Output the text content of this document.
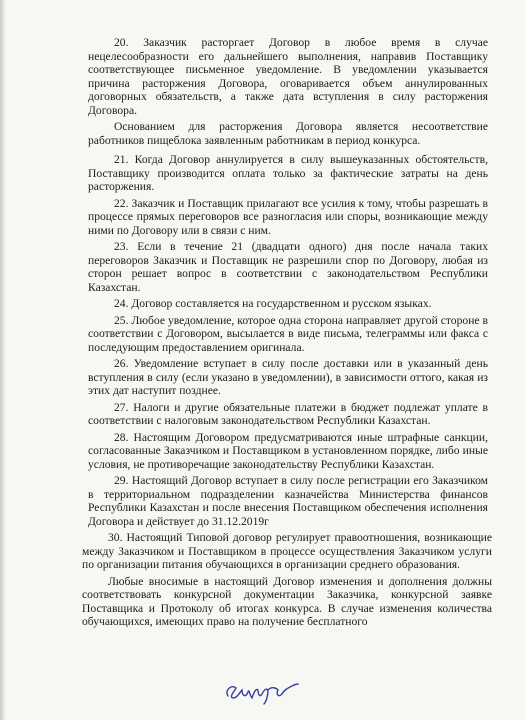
20. Заказчик расторгает Договор в любое время в случае нецелесообразности его дальнейшего выполнения, направив Поставщику соответствующее письменное уведомление. В уведомлении указывается причина расторжения Договора, оговаривается объем аннулированных договорных обязательств, а также дата вступления в силу расторжения Договора.

Основанием для расторжения Договора является несоответствие работников пищеблока заявленным работникам в период конкурса.

21. Когда Договор аннулируется в силу вышеуказанных обстоятельств, Поставщику производится оплата только за фактические затраты на день расторжения.

22. Заказчик и Поставщик прилагают все усилия к тому, чтобы разрешать в процессе прямых переговоров все разногласия или споры, возникающие между ними по Договору или в связи с ним.

23. Если в течение 21 (двадцати одного) дня после начала таких переговоров Заказчик и Поставщик не разрешили спор по Договору, любая из сторон решает вопрос в соответствии с законодательством Республики Казахстан.

24. Договор составляется на государственном и русском языках.

25. Любое уведомление, которое одна сторона направляет другой стороне в соответствии с Договором, высылается в виде письма, телеграммы или факса с последующим предоставлением оригинала.

26. Уведомление вступает в силу после доставки или в указанный день вступления в силу (если указано в уведомлении), в зависимости оттого, какая из этих дат наступит позднее.

27. Налоги и другие обязательные платежи в бюджет подлежат уплате в соответствии с налоговым законодательством Республики Казахстан.

28. Настоящим Договором предусматриваются иные штрафные санкции, согласованные Заказчиком и Поставщиком в установленном порядке, либо иные условия, не противоречащие законодательству Республики Казахстан.

29. Настоящий Договор вступает в силу после регистрации его Заказчиком в территориальном подразделении казначейства Министерства финансов Республики Казахстан и после внесения Поставщиком обеспечения исполнения Договора и действует до 31.12.2019г

30. Настоящий Типовой договор регулирует правоотношения, возникающие между Заказчиком и Поставщиком в процессе осуществления Заказчиком услуги по организации питания обучающихся в организации среднего образования.

Любые вносимые в настоящий Договор изменения и дополнения должны соответствовать конкурсной документации Заказчика, конкурсной заявке Поставщика и Протоколу об итогах конкурса. В случае изменения количества обучающихся, имеющих право на получение бесплатного
